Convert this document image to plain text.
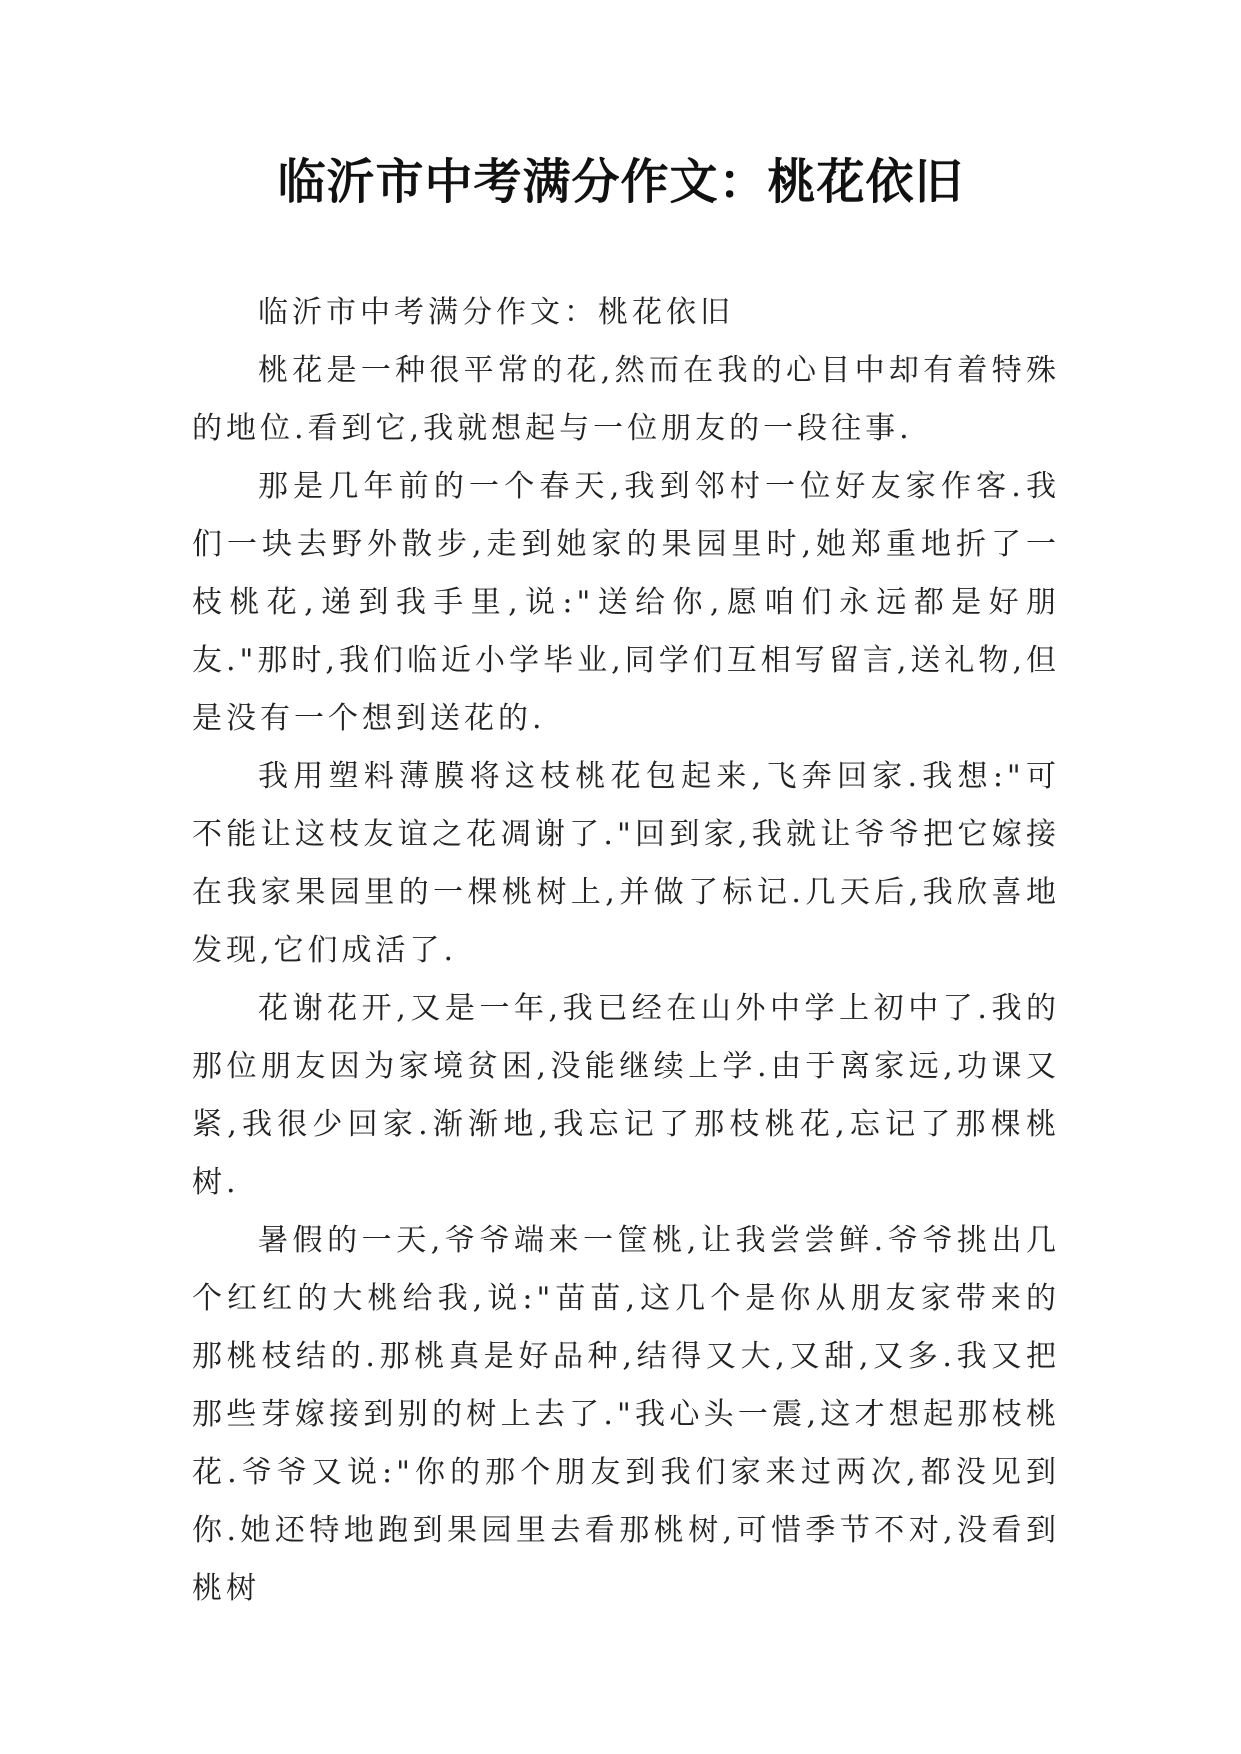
临沂市中考满分作文：桃花依旧

临沂市中考满分作文：桃花依旧

桃花是一种很平常的花,然而在我的心目中却有着特殊的地位.看到它,我就想起与一位朋友的一段往事.

那是几年前的一个春天,我到邻村一位好友家作客.我们一块去野外散步,走到她家的果园里时,她郑重地折了一枝桃花,递到我手里,说:"送给你,愿咱们永远都是好朋友."那时,我们临近小学毕业,同学们互相写留言,送礼物,但是没有一个想到送花的.

我用塑料薄膜将这枝桃花包起来,飞奔回家.我想:"可不能让这枝友谊之花凋谢了."回到家,我就让爷爷把它嫁接在我家果园里的一棵桃树上,并做了标记.几天后,我欣喜地发现,它们成活了.

花谢花开,又是一年,我已经在山外中学上初中了.我的那位朋友因为家境贫困,没能继续上学.由于离家远,功课又紧,我很少回家.渐渐地,我忘记了那枝桃花,忘记了那棵桃树.

暑假的一天,爷爷端来一筐桃,让我尝尝鲜.爷爷挑出几个红红的大桃给我,说:"苗苗,这几个是你从朋友家带来的那桃枝结的.那桃真是好品种,结得又大,又甜,又多.我又把那些芽嫁接到别的树上去了."我心头一震,这才想起那枝桃花.爷爷又说:"你的那个朋友到我们家来过两次,都没见到你.她还特地跑到果园里去看那桃树,可惜季节不对,没看到桃树
